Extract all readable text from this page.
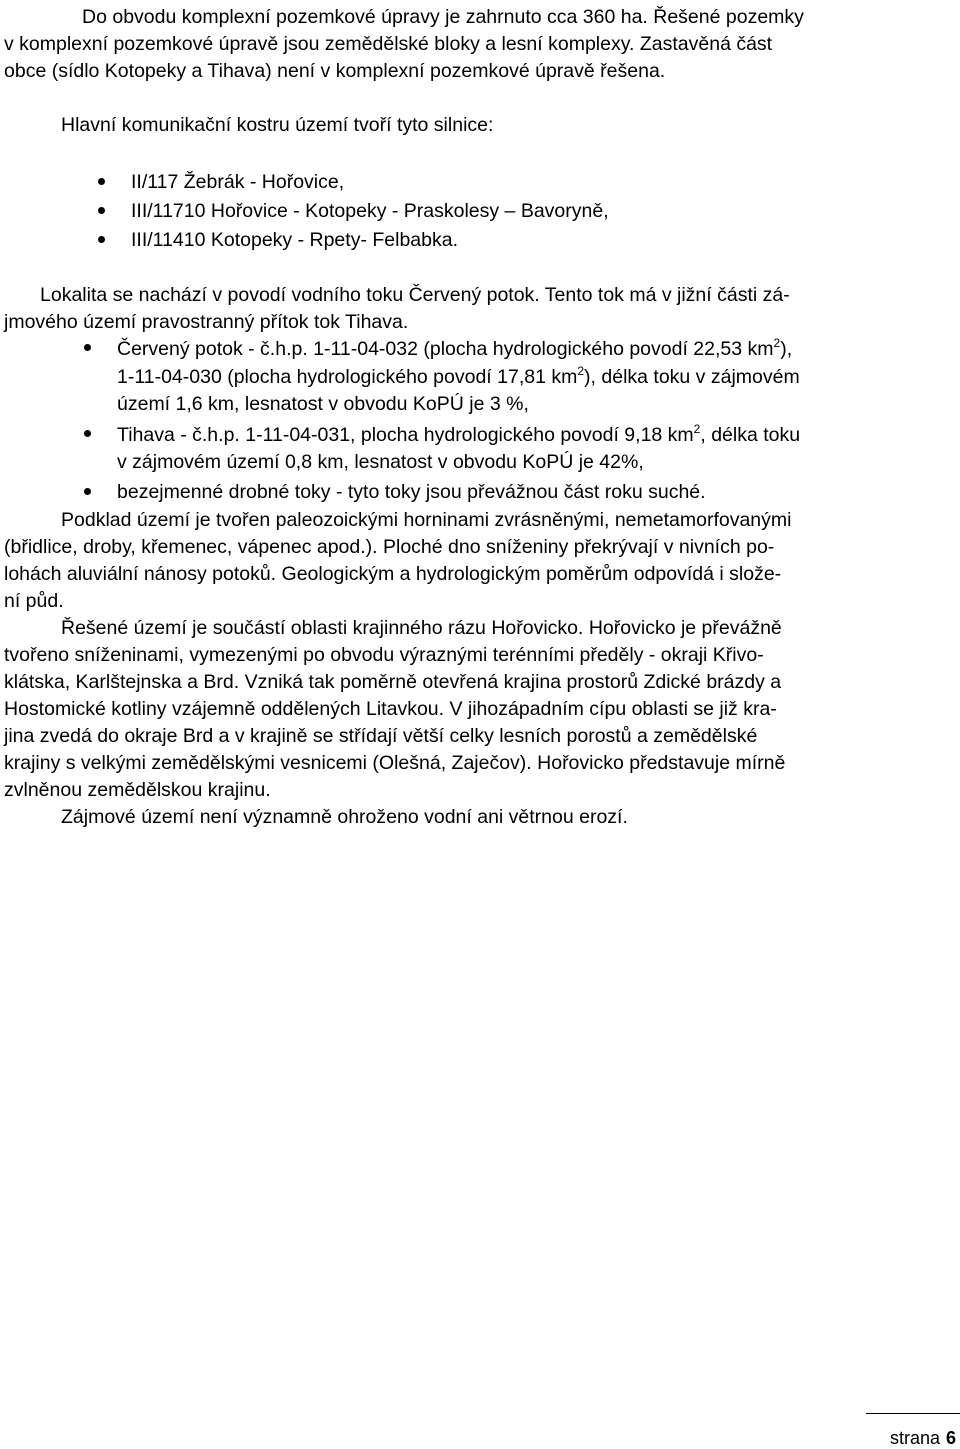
Do obvodu komplexní pozemkové úpravy je zahrnuto cca 360 ha. Řešené pozemky
v komplexní pozemkové úpravě jsou zemědělské bloky a lesní komplexy. Zastavěná část
obce (sídlo Kotopeky a Tihava) není v komplexní pozemkové úpravě řešena.
Hlavní komunikační kostru území tvoří tyto silnice:
II/117 Žebrák - Hořovice,
III/11710 Hořovice - Kotopeky - Praskolesy – Bavoryně,
III/11410 Kotopeky - Rpety- Felbabka.
Lokalita se nachází v povodí vodního toku Červený potok. Tento tok má v jižní části zá-
jmového území pravostranný přítok tok Tihava.
Červený potok - č.h.p. 1-11-04-032 (plocha hydrologického povodí 22,53 $km^2$),
1-11-04-030 (plocha hydrologického povodí 17,81 $km^2$), délka toku v zájmovém
území 1,6 km, lesnatost v obvodu KoPÚ je 3 %,
Tihava - č.h.p. 1-11-04-031, plocha hydrologického povodí 9,18 $km^2$, délka toku
v zájmovém území 0,8 km, lesnatost v obvodu KoPÚ je 42%,
bezejmenné drobné toky - tyto toky jsou převážnou část roku suché.
Podklad území je tvořen paleozoickými horninami zvrásněnými, nemetamorfovanými
(břidlice, droby, křemenec, vápenec apod.). Ploché dno sníženiny překrývají v nivních po-
lohách aluviální nánosy potoků. Geologickým a hydrologickým poměrům odpovídá i slože-
ní půd.
Řešené území je součástí oblasti krajinného rázu Hořovicko. Hořovicko je převážně
tvořeno sníženinami, vymezenými po obvodu výraznými terénními předěly - okraji Křivo-
klátska, Karlštejnska a Brd. Vzniká tak poměrně otevřená krajina prostorů Zdické brázdy a
Hostomické kotliny vzájemně oddělených Litavkou. V jihozápadním cípu oblasti se již kra-
jina zvedá do okraje Brd a v krajině se střídají větší celky lesních porostů a zemědělské
krajiny s velkými zemědělskými vesnicemi (Olešná, Zaječov). Hořovicko představuje mírně
zvlněnou zemědělskou krajinu.
Zájmové území není významně ohroženo vodní ani větrnou erozí.
strana 6
